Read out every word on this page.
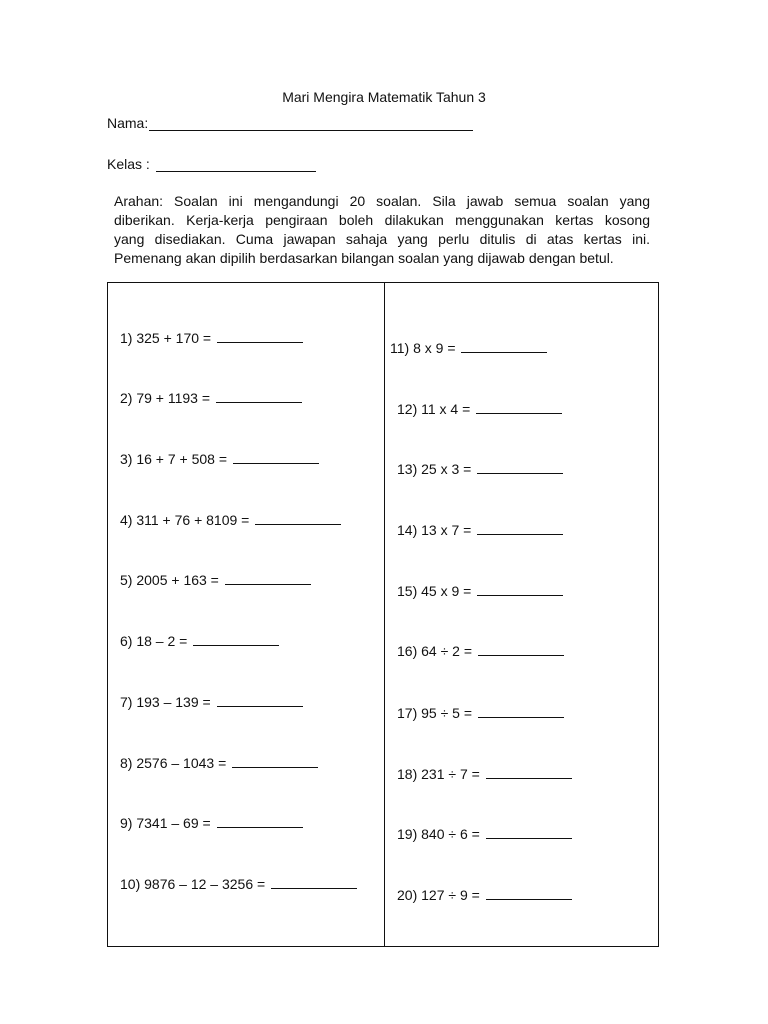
Mari Mengira Matematik Tahun 3
Nama:
Kelas :

Arahan: Soalan ini mengandungi 20 soalan. Sila jawab semua soalan yang

diberikan. Kerja-kerja pengiraan boleh dilakukan menggunakan kertas kosong

yang disediakan. Cuma jawapan sahaja yang perlu ditulis di atas kertas ini.

Pemenang akan dipilih berdasarkan bilangan soalan yang dijawab dengan betul.

1) 325 + 170 =
2) 79 + 1193 =
3) 16 + 7 + 508 =
4) 311 + 76 + 8109 =
5) 2005 + 163 =
6) 18 – 2 =
7) 193 – 139 =
8) 2576 – 1043 =
9) 7341 – 69 =
10) 9876 – 12 – 3256 =
11) 8 x 9 =
12) 11 x 4 =
13) 25 x 3 =
14) 13 x 7 =
15) 45 x 9 =
16) 64 ÷ 2 =
17) 95 ÷ 5 =
18) 231 ÷ 7 =
19) 840 ÷ 6 =
20) 127 ÷ 9 =
